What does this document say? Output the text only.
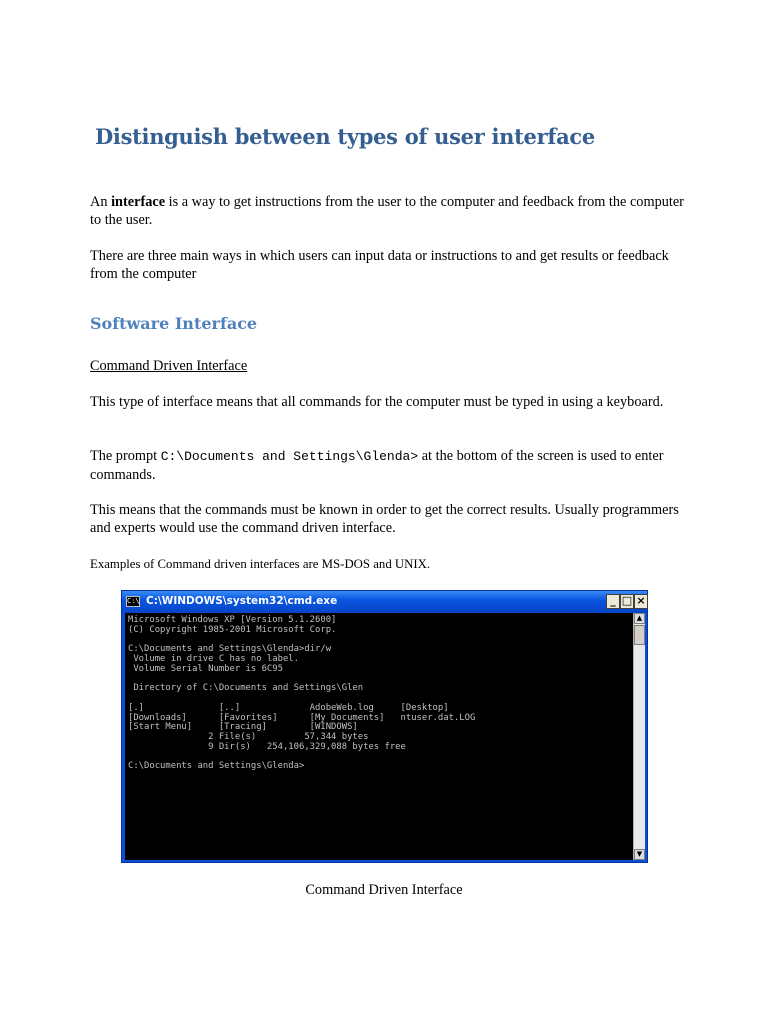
Distinguish between types of user interface
An interface is a way to get instructions from the user to the computer and feedback from the computer to the user.
There are three main ways in which users can input data or instructions to and get results or feedback from the computer
Software Interface
Command Driven Interface
This type of interface means that all commands for the computer must be typed in using a keyboard.
The prompt C:\Documents and Settings\Glenda> at the bottom of the screen is used to enter commands.
This means that the commands must be known in order to get the correct results. Usually programmers and experts would use the command driven interface.
Examples of Command driven interfaces are MS-DOS and UNIX.
C:\ C:\WINDOWS\system32\cmd.exe	_ □ ×
Microsoft Windows XP [Version 5.1.2600]
(C) Copyright 1985-2001 Microsoft Corp.

C:\Documents and Settings\Glenda>dir/w
Volume in drive C has no label.
Volume Serial Number is 6C95

Directory of C:\Documents and Settings\Glen

[.]              [..]             AdobeWeb.log     [Desktop]
[Downloads]      [Favorites]      [My Documents]   ntuser.dat.LOG
[Start Menu]     [Tracing]        [WINDOWS]
2 File(s)         57,344 bytes
9 Dir(s)   254,106,329,088 bytes free

C:\Documents and Settings\Glenda>
▲
▼
Command Driven Interface
